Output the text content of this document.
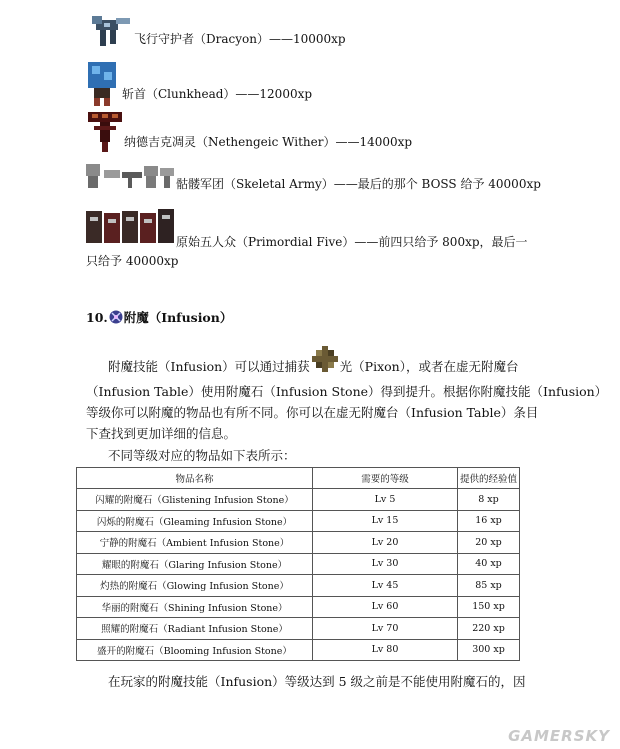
飞行守护者（Dracyon）——10000xp
斩首（Clunkhead）——12000xp
纳德吉克凋灵（Nethengeic Wither）——14000xp
骷髅军团（Skeletal Army）——最后的那个 BOSS 给予 40000xp
原始五人众（Primordial Five）——前四只给予 800xp，最后一
只给予 40000xp
10. 附魔（Infusion）
附魔技能（Infusion）可以通过捕获 光（Pixon），或者在虚无附魔台
（Infusion Table）使用附魔石（Infusion Stone）得到提升。根据你附魔技能（Infusion）
等级你可以附魔的物品也有所不同。你可以在虚无附魔台（Infusion Table）条目
下查找到更加详细的信息。
不同等级对应的物品如下表所示：
物品名称	需要的等级	提供的经验值
闪耀的附魔石（Glistening Infusion Stone）	Lv 5	8 xp
闪烁的附魔石（Gleaming Infusion Stone）	Lv 15	16 xp
宁静的附魔石（Ambient Infusion Stone）	Lv 20	20 xp
耀眼的附魔石（Glaring Infusion Stone）	Lv 30	40 xp
灼热的附魔石（Glowing Infusion Stone）	Lv 45	85 xp
华丽的附魔石（Shining Infusion Stone）	Lv 60	150 xp
照耀的附魔石（Radiant Infusion Stone）	Lv 70	220 xp
盛开的附魔石（Blooming Infusion Stone）	Lv 80	300 xp
在玩家的附魔技能（Infusion）等级达到 5 级之前是不能使用附魔石的，因
GAMERSKY
